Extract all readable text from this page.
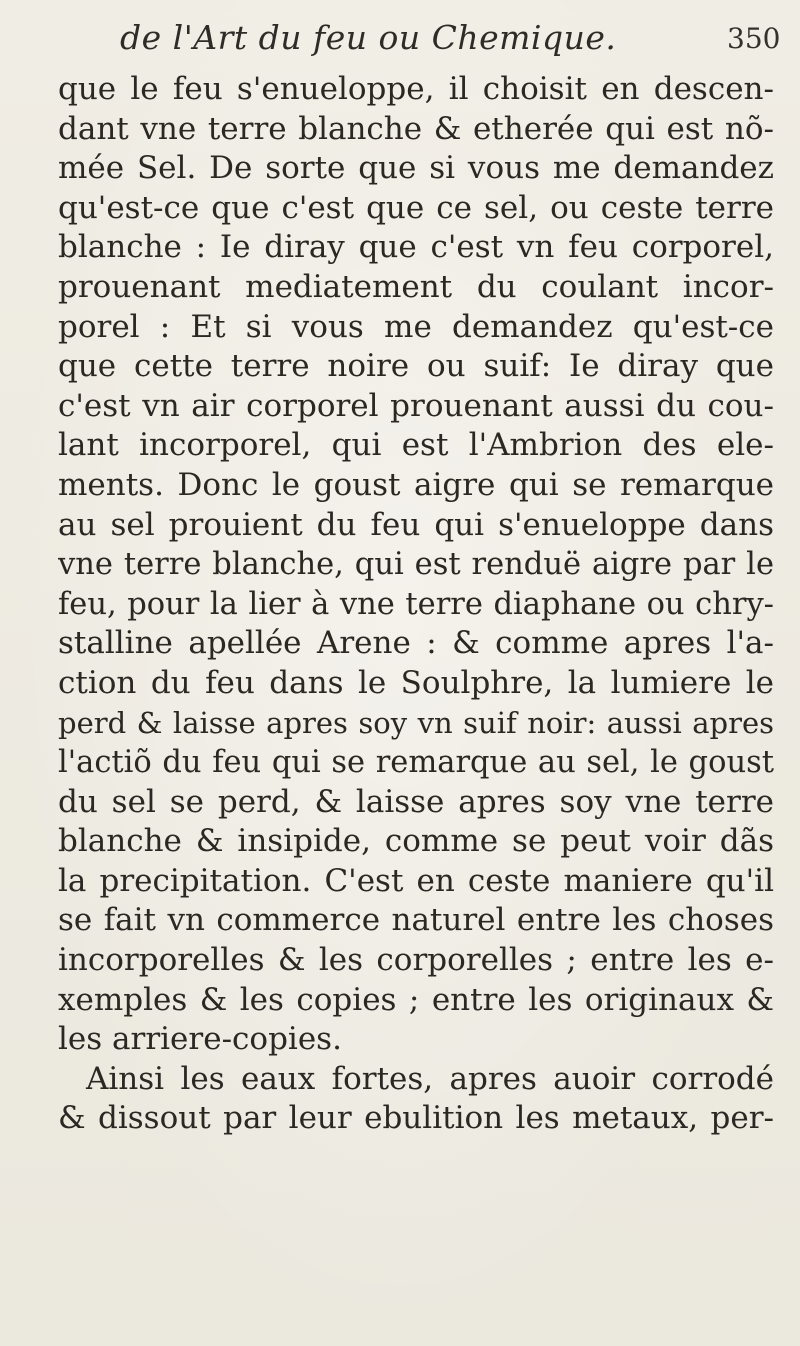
de l'Art du feu ou Chemique.	350
que le feu s'enueloppe, il choisit en descen-
dant vne terre blanche & etherée qui est nõ-
mée Sel. De sorte que si vous me demandez
qu'est-ce que c'est que ce sel, ou ceste terre
blanche : Ie diray que c'est vn feu corporel,
prouenant mediatement du coulant incor-
porel : Et si vous me demandez qu'est-ce
que cette terre noire ou suif: Ie diray que
c'est vn air corporel prouenant aussi du cou-
lant incorporel, qui est l'Ambrion des ele-
ments. Donc le goust aigre qui se remarque
au sel prouient du feu qui s'enueloppe dans
vne terre blanche, qui est renduë aigre par le
feu, pour la lier à vne terre diaphane ou chry-
stalline apellée Arene : & comme apres l'a-
ction du feu dans le Soulphre, la lumiere le
perd & laisse apres soy vn suif noir: aussi apres
l'actiõ du feu qui se remarque au sel, le goust
du sel se perd, & laisse apres soy vne terre
blanche & insipide, comme se peut voir dãs
la precipitation. C'est en ceste maniere qu'il
se fait vn commerce naturel entre les choses
incorporelles & les corporelles ; entre les e-
xemples & les copies ; entre les originaux &
les arriere-copies.
Ainsi les eaux fortes, apres auoir corrodé
& dissout par leur ebulition les metaux, per-
